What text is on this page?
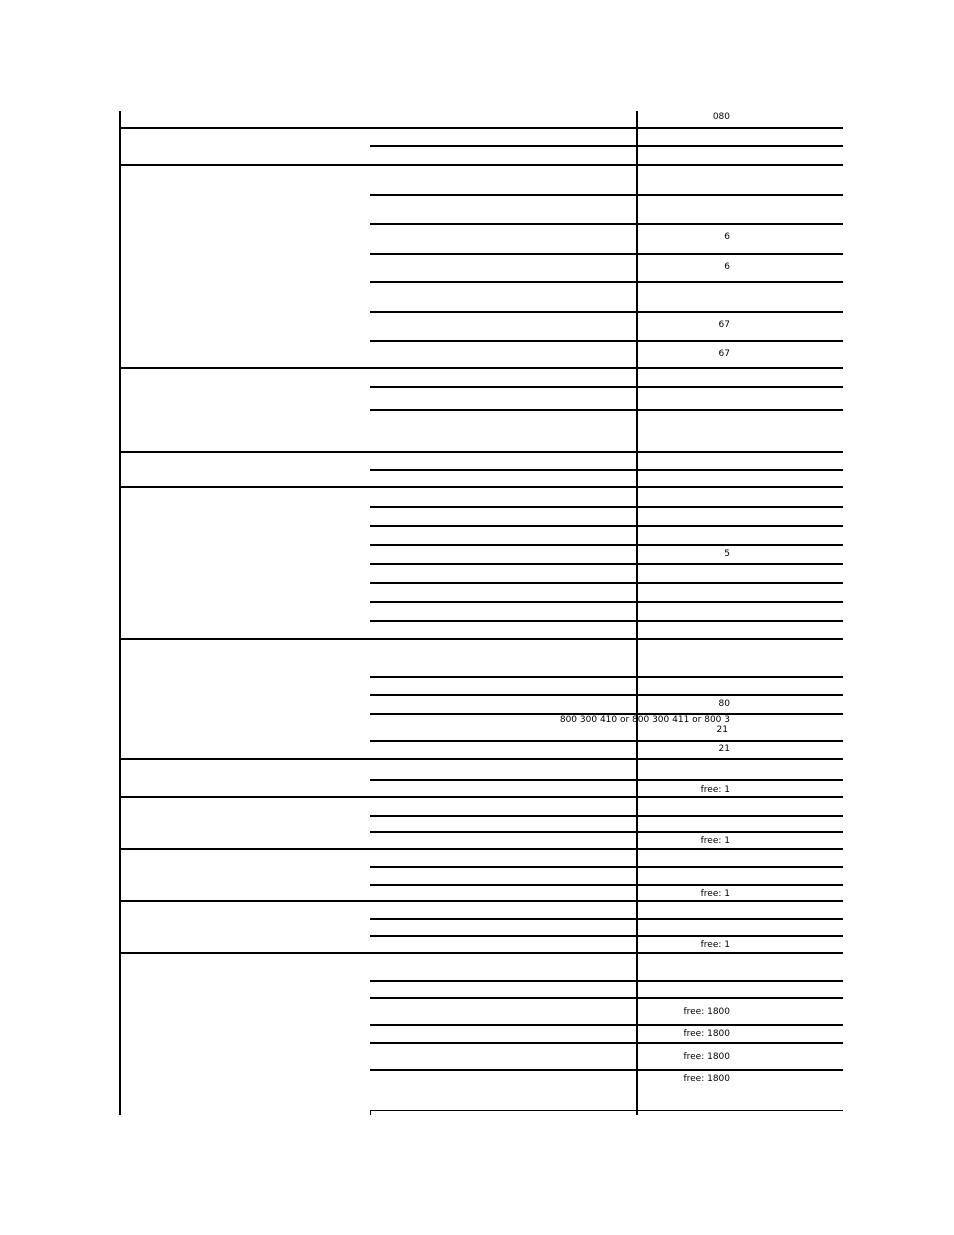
080
6
6
67
67
5
80
800 300 410 or 800 300 411 or 800 3
21
21
free: 1
free: 1
free: 1
free: 1
free: 1800
free: 1800
free: 1800
free: 1800
